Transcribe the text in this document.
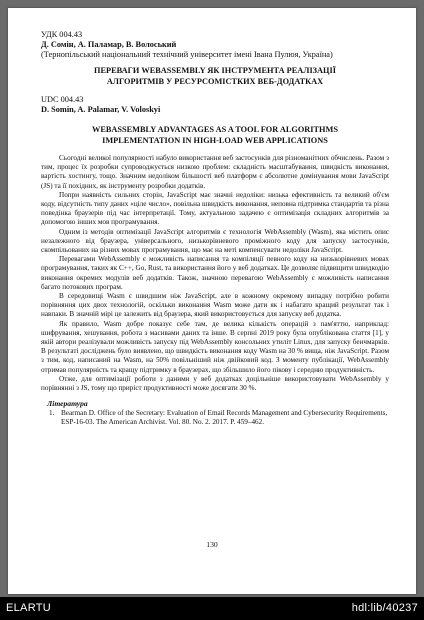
УДК 004.43
Д. Сомін, А. Паламар, В. Волоський
(Тернопільський національний технічний університет імені Івана Пулюя, Україна)
ПЕРЕВАГИ WEBASSEMBLY ЯК ІНСТРУМЕНТА РЕАЛІЗАЦІЇ
АЛГОРИТМІВ У РЕСУРСОМІСТКИХ ВЕБ-ДОДАТКАХ
UDC 004.43
D. Somin, A. Palamar, V. Voloskyi
WEBASSEMBLY ADVANTAGES AS A TOOL FOR ALGORITHMS
IMPLEMENTATION IN HIGH-LOAD WEB APPLICATIONS

Сьогодні великої популярності набуло використання веб застосунків для різноманітних обчислень. Разом з тим, процес їх розробки супроводжується низкою проблем: складність масштабування, швидкість виконання, вартість хостингу, тощо. Значним недоліком більшості веб платформ є абсолютне домінування мови JavaScript (JS) та її похідних, як інструменту розробки додатків.

Попри наявність сильних сторін, JavaScript має значні недоліки: низька ефективність та великий об'єм коду, відсутність типу даних «ціле число», повільна швидкість виконання, неповна підтримка стандартів та різна поведінка браузерів під час інтерпретації. Тому, актуальною задачею є оптимізація складних алгоритмів за допомогою інших мов програмування.

Одним із методів оптимізації JavaScript алгоритмів є технологія WebAssembly (Wasm), яка містить опис незалежного від браузера, універсального, низькорівневого проміжного коду для запуску застосунків, скомпільованих на різних мовах програмування, що має на меті компенсувати недоліки JavaScript.

Перевагами WebAssembly є можливість написання та компіляції певного коду на низькорівневих мовах програмування, таких як C++, Go, Rust, та використання його у веб додатках. Це дозволяє підвищити швидкодію виконання окремих модулів веб додатків. Також, значною перевагою WebAssembly є можливість написання багато потокових програм.

В середовищі Wasm є швидшим ніж JavaScript, але в кожному окремому випадку потрібно робити порівняння цих двох технологій, оскільки виконання Wasm може дати як і набагато кращий результат так і навпаки. В значній мірі це залежить від браузера, який використовується для запуску веб додатка.

Як правило, Wasm добре показує себе там, де велика кількість операцій з пам'яттю, наприклад: шифрування, хешування, робота з масивами даних та інше. В серпні 2019 року була опублікована стаття [1], у якій автори реалізували можливість запуску під WebAssembly консольних утиліт Linux, для запуску бенчмарків. В результаті досліджень було виявлено, що швидкість виконання коду Wasm на 30 % вища, ніж JavaScript. Разом з тим, код, написаний на Wasm, на 50% повільніший ніж двійковий код. З моменту публікації, WebAssembly отримав популярність та кращу підтримку в браузерах, що збільшило його пікову і середню продуктивність.

Отже, для оптимізації роботи з даними у веб додатках доцільніше використовувати WebAssembly у порівнянні з JS, тому що приріст продуктивності може досягати 30 %.

Література
1. Bearman D. Office of the Secretary: Evaluation of Email Records Management and Cybersecurity Requirements, ESP-16-03. The American Archivist. Vol. 80. No. 2. 2017. P. 459–462.
130
ELARTU	hdl:lib/40237
